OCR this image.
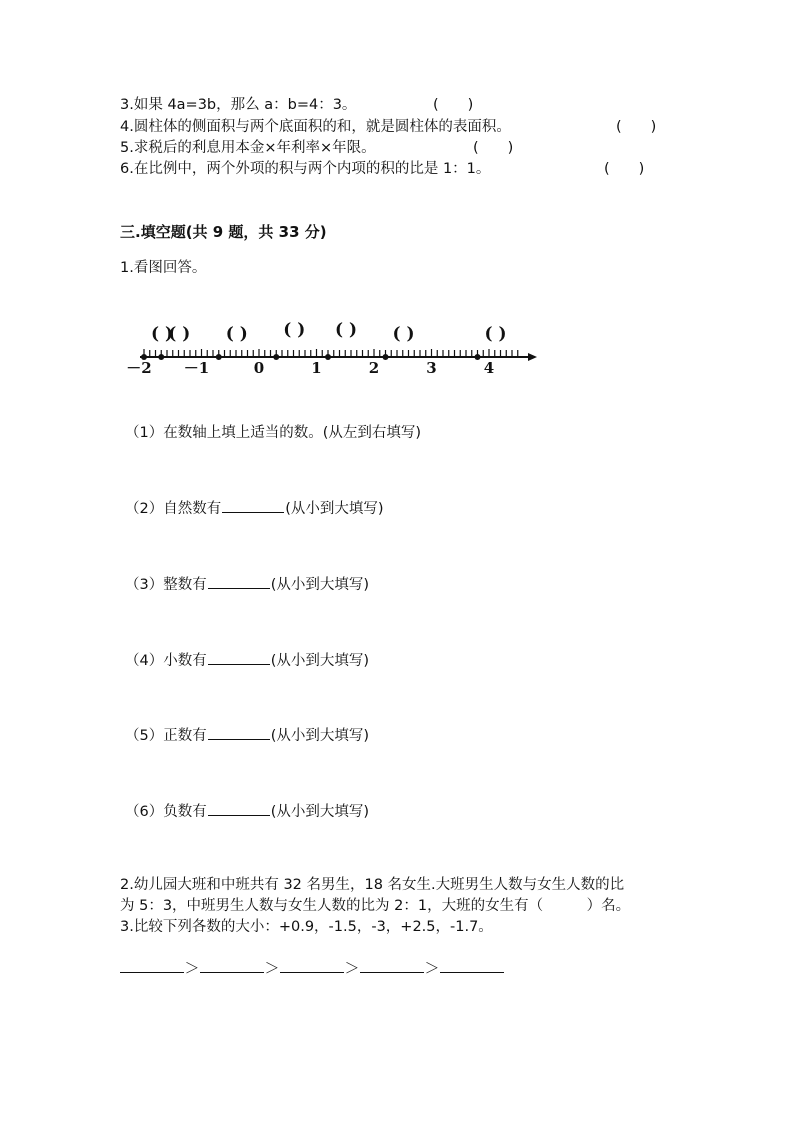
3.如果 4a=3b，那么 a：b=4：3。	(　　)
4.圆柱体的侧面积与两个底面积的和，就是圆柱体的表面积。	(　　)
5.求税后的利息用本金×年利率×年限。	(　　)
6.在比例中，两个外项的积与两个内项的积的比是 1：1。	(　　)
三.填空题(共 9 题，共 33 分)
1.看图回答。
－2 －1	0	1	2	3	4
( )
( ) ( ) ( ) ( ) ( )	( )
（1）在数轴上填上适当的数。(从左到右填写)
（2）自然数有	(从小到大填写)
（3）整数有	(从小到大填写)
（4）小数有	(从小到大填写)
（5）正数有	(从小到大填写)
（6）负数有	(从小到大填写)
2.幼儿园大班和中班共有 32 名男生，18 名女生.大班男生人数与女生人数的比
为 5：3，中班男生人数与女生人数的比为 2：1，大班的女生有（　　　）名。
3.比较下列各数的大小：+0.9，-1.5，-3，+2.5，-1.7。
＞	＞	＞	＞
